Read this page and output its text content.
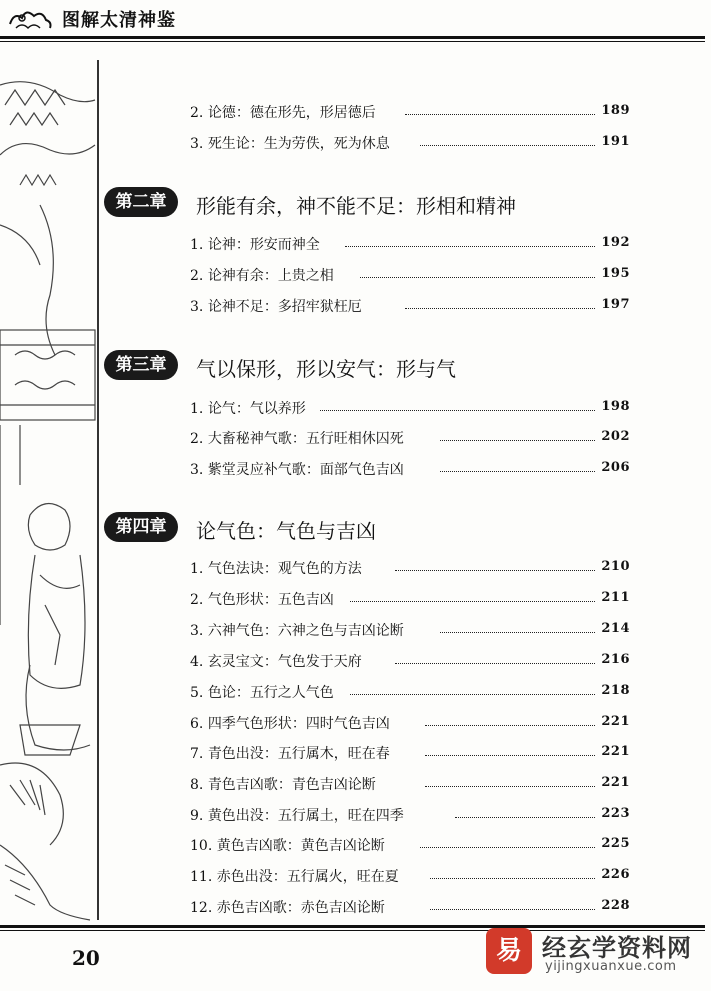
图解太清神鉴
2. 论德：德在形先，形居德后	189
3. 死生论：生为劳佚，死为休息	191
第二章	形能有余，神不能不足：形相和精神
1. 论神：形安而神全	192
2. 论神有余：上贵之相	195
3. 论神不足：多招牢狱枉厄	197
第三章	气以保形，形以安气：形与气
1. 论气：气以养形	198
2. 大畜秘神气歌：五行旺相休囚死	202
3. 紫堂灵应补气歌：面部气色吉凶	206
第四章	论气色：气色与吉凶
1. 气色法诀：观气色的方法	210
2. 气色形状：五色吉凶	211
3. 六神气色：六神之色与吉凶论断	214
4. 玄灵宝文：气色发于天府	216
5. 色论：五行之人气色	218
6. 四季气色形状：四时气色吉凶	221
7. 青色出没：五行属木，旺在春	221
8. 青色吉凶歌：青色吉凶论断	221
9. 黄色出没：五行属土，旺在四季	223
10. 黄色吉凶歌：黄色吉凶论断	225
11. 赤色出没：五行属火，旺在夏	226
12. 赤色吉凶歌：赤色吉凶论断	228
20	易 经玄学资料网
yijingxuanxue.com
